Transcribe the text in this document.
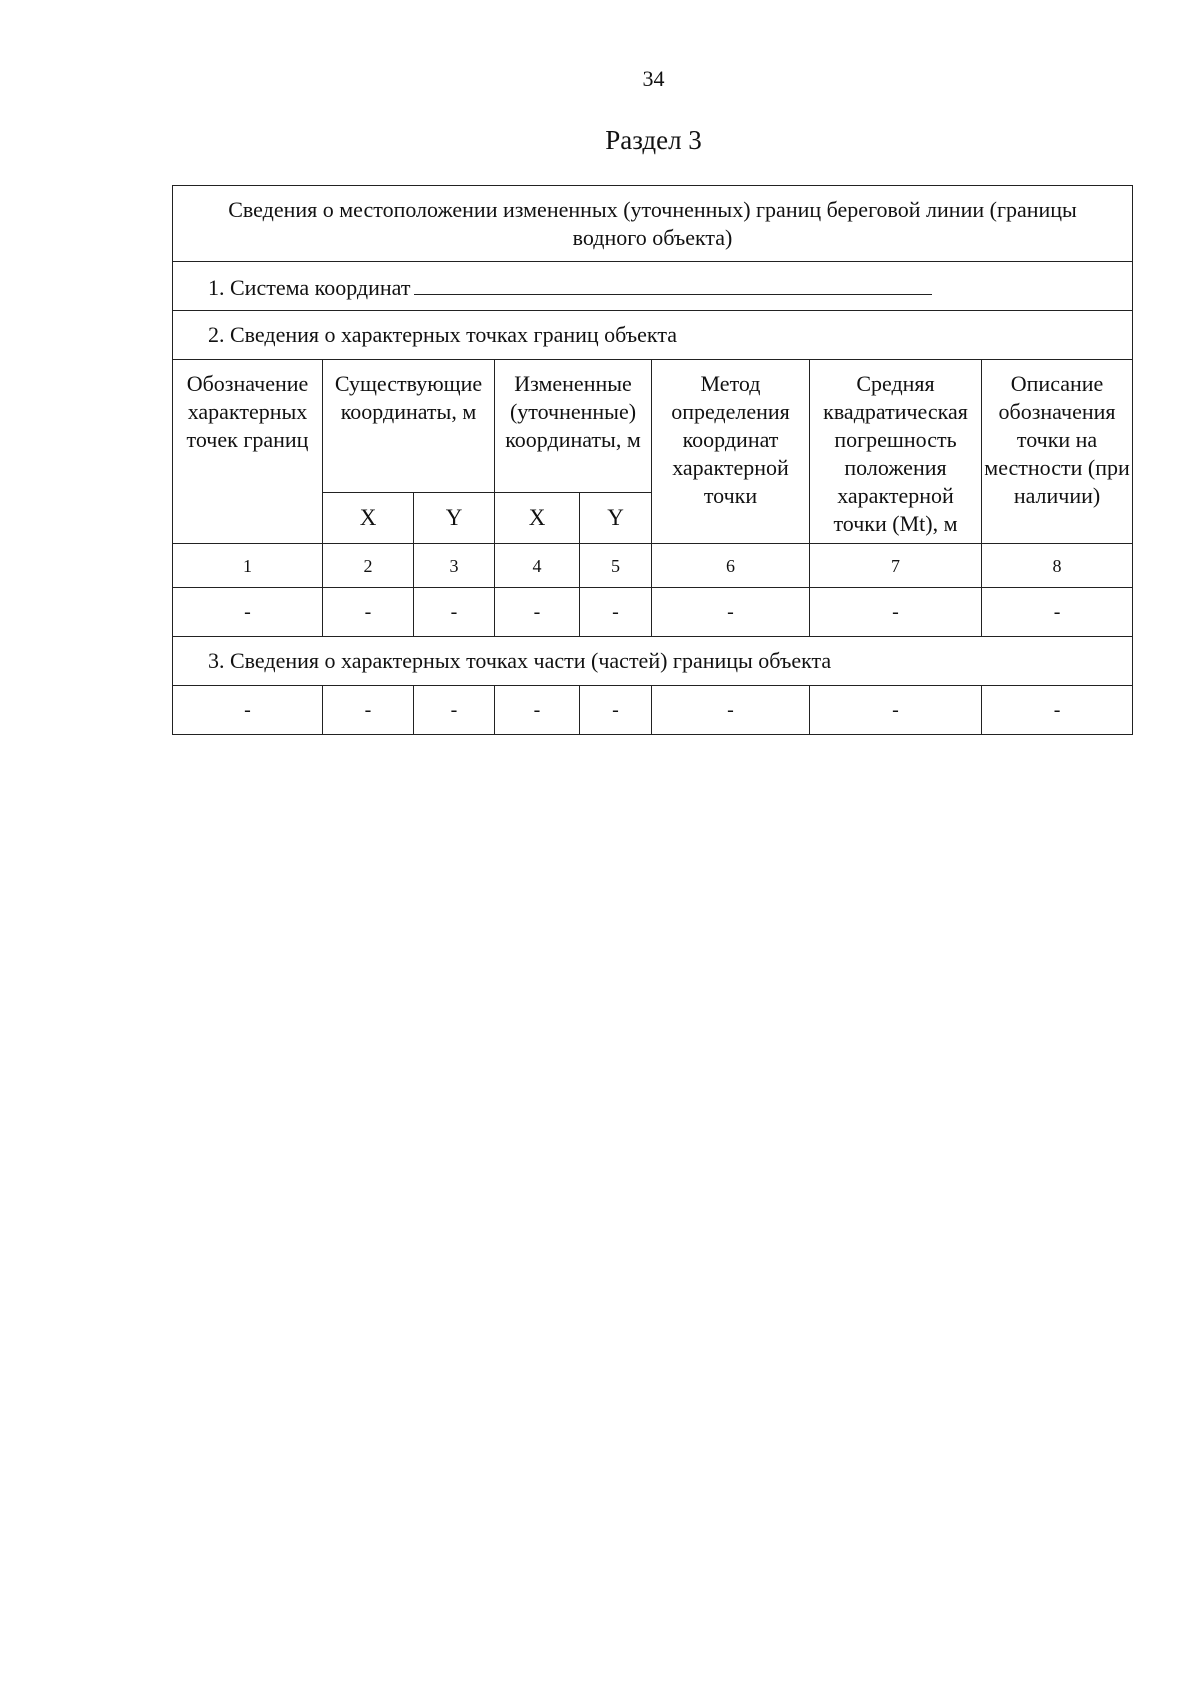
34
Раздел 3
Сведения о местоположении измененных (уточненных) границ береговой линии (границы водного объекта)							
1. Система координат							
2. Сведения о характерных точках границ объекта							
Обозначение характерных точек границ	Существующие координаты, м		Измененные (уточненные) координаты, м		Метод определения координат характерной точки	Средняя квадратическая погрешность положения характерной точки (Mt), м	Описание обозначения точки на местности (при наличии)
	X	Y	X	Y			
1	2	3	4	5	6	7	8
-	-	-	-	-	-	-	-
3. Сведения о характерных точках части (частей) границы объекта							
-	-	-	-	-	-	-	-
